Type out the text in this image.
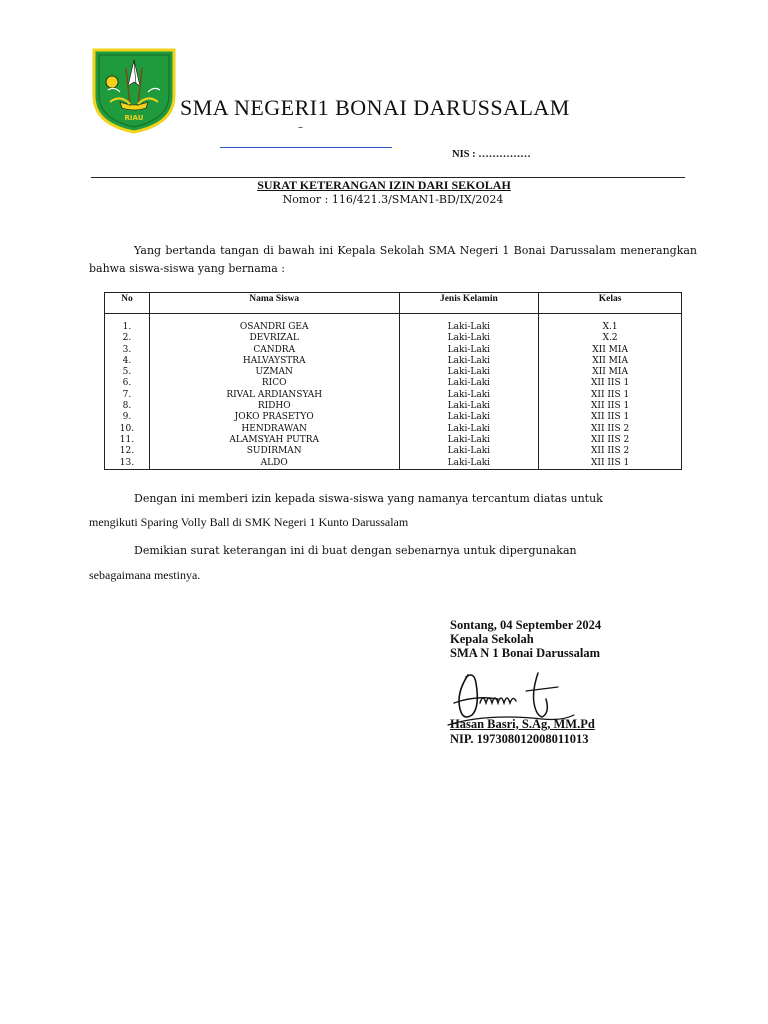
RIAU SMA NEGERI1 BONAI DARUSSALAM
–
NIS : ……………
SURAT KETERANGAN IZIN DARI SEKOLAH
Nomor : 116/421.3/SMAN1-BD/IX/2024
Yang bertanda tangan di bawah ini Kepala Sekolah SMA Negeri 1 Bonai Darussalam menerangkan bahwa siswa-siswa yang bernama :
No	Nama Siswa	Jenis Kelamin	Kelas
1.	OSANDRI GEA	Laki-Laki	X.1
2.	DEVRIZAL	Laki-Laki	X.2
3.	CANDRA	Laki-Laki	XII MIA
4.	HALVAYSTRA	Laki-Laki	XII MIA
5.	UZMAN	Laki-Laki	XII MIA
6.	RICO	Laki-Laki	XII IIS 1
7.	RIVAL ARDIANSYAH	Laki-Laki	XII IIS 1
8.	RIDHO	Laki-Laki	XII IIS 1
9.	JOKO PRASETYO	Laki-Laki	XII IIS 1
10.	HENDRAWAN	Laki-Laki	XII IIS 2
11.	ALAMSYAH PUTRA	Laki-Laki	XII IIS 2
12.	SUDIRMAN	Laki-Laki	XII IIS 2
13.	ALDO	Laki-Laki	XII IIS 1
Dengan ini memberi izin kepada siswa-siswa yang namanya tercantum diatas untuk
mengikuti Sparing Volly Ball di SMK Negeri 1 Kunto Darussalam
Demikian surat keterangan ini di buat dengan sebenarnya untuk dipergunakan
sebagaimana mestinya.
Sontang, 04 September 2024
Kepala Sekolah
SMA N 1 Bonai Darussalam
Hasan Basri, S.Ag, MM.Pd
NIP. 197308012008011013
